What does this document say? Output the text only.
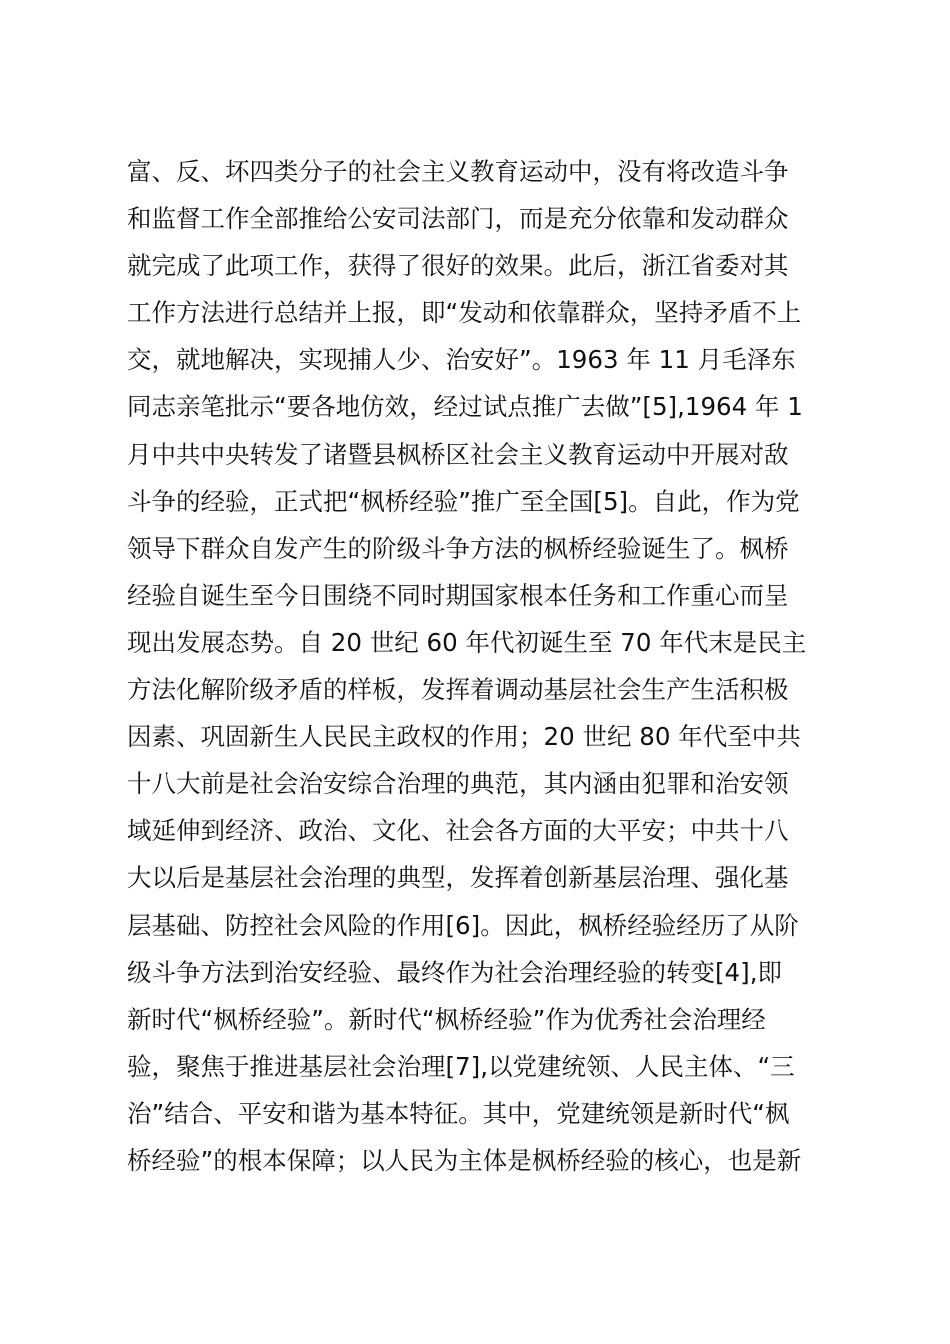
富、反、坏四类分子的社会主义教育运动中，没有将改造斗争
和监督工作全部推给公安司法部门，而是充分依靠和发动群众
就完成了此项工作，获得了很好的效果。此后，浙江省委对其
工作方法进行总结并上报，即“发动和依靠群众，坚持矛盾不上
交，就地解决，实现捕人少、治安好”。1963 年 11 月毛泽东
同志亲笔批示“要各地仿效，经过试点推广去做”[5],1964 年 1
月中共中央转发了诸暨县枫桥区社会主义教育运动中开展对敌
斗争的经验，正式把“枫桥经验”推广至全国[5]。自此，作为党
领导下群众自发产生的阶级斗争方法的枫桥经验诞生了。枫桥
经验自诞生至今日围绕不同时期国家根本任务和工作重心而呈
现出发展态势。自 20 世纪 60 年代初诞生至 70 年代末是民主
方法化解阶级矛盾的样板，发挥着调动基层社会生产生活积极
因素、巩固新生人民民主政权的作用；20 世纪 80 年代至中共
十八大前是社会治安综合治理的典范，其内涵由犯罪和治安领
域延伸到经济、政治、文化、社会各方面的大平安；中共十八
大以后是基层社会治理的典型，发挥着创新基层治理、强化基
层基础、防控社会风险的作用[6]。因此，枫桥经验经历了从阶
级斗争方法到治安经验、最终作为社会治理经验的转变[4],即
新时代“枫桥经验”。新时代“枫桥经验”作为优秀社会治理经
验，聚焦于推进基层社会治理[7],以党建统领、人民主体、“三
治”结合、平安和谐为基本特征。其中，党建统领是新时代“枫
桥经验”的根本保障；以人民为主体是枫桥经验的核心，也是新
